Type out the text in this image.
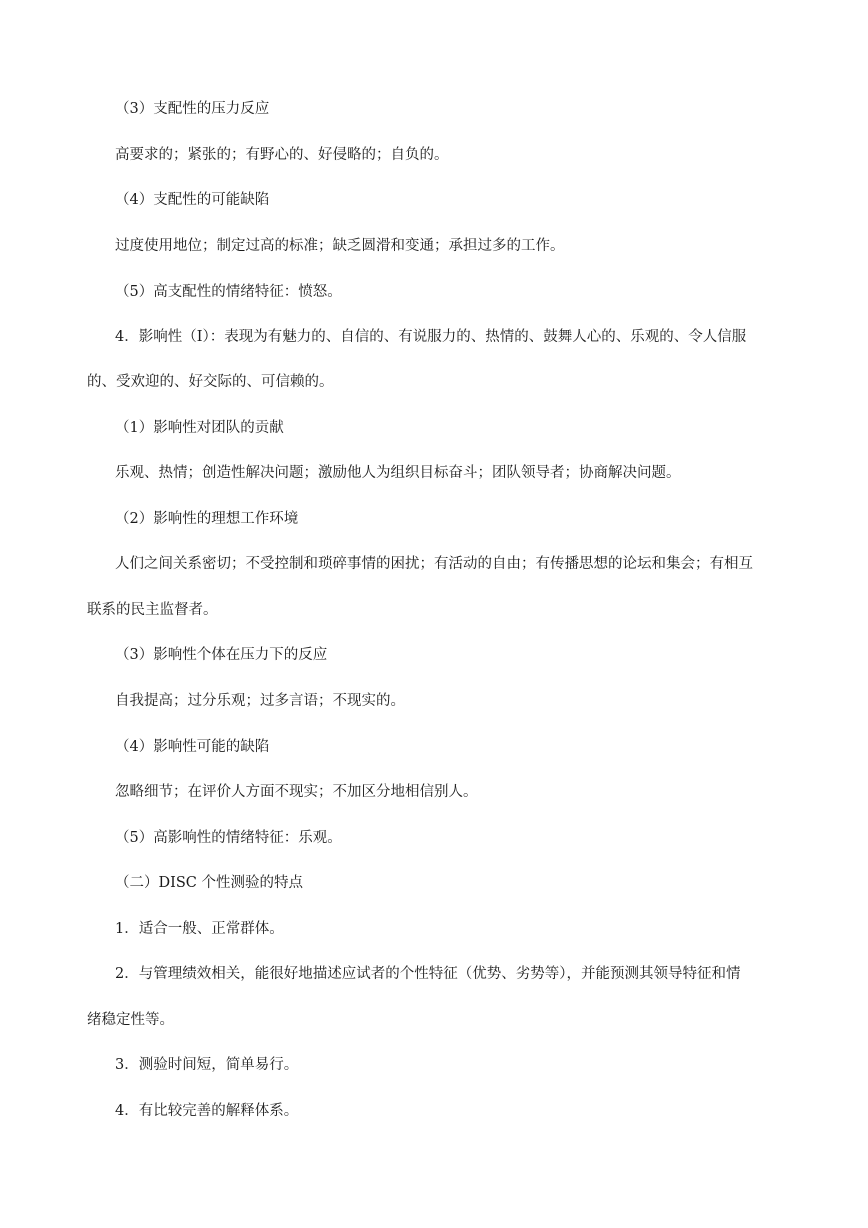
（3）支配性的压力反应
高要求的；紧张的；有野心的、好侵略的；自负的。
（4）支配性的可能缺陷
过度使用地位；制定过高的标准；缺乏圆滑和变通；承担过多的工作。
（5）高支配性的情绪特征：愤怒。
4．影响性（I）：表现为有魅力的、自信的、有说服力的、热情的、鼓舞人心的、乐观的、令人信服
的、受欢迎的、好交际的、可信赖的。
（1）影响性对团队的贡献
乐观、热情；创造性解决问题；激励他人为组织目标奋斗；团队领导者；协商解决问题。
（2）影响性的理想工作环境
人们之间关系密切；不受控制和琐碎事情的困扰；有活动的自由；有传播思想的论坛和集会；有相互
联系的民主监督者。
（3）影响性个体在压力下的反应
自我提高；过分乐观；过多言语；不现实的。
（4）影响性可能的缺陷
忽略细节；在评价人方面不现实；不加区分地相信别人。
（5）高影响性的情绪特征：乐观。
（二）DISC 个性测验的特点
1．适合一般、正常群体。
2．与管理绩效相关，能很好地描述应试者的个性特征（优势、劣势等），并能预测其领导特征和情
绪稳定性等。
3．测验时间短，简单易行。
4．有比较完善的解释体系。
